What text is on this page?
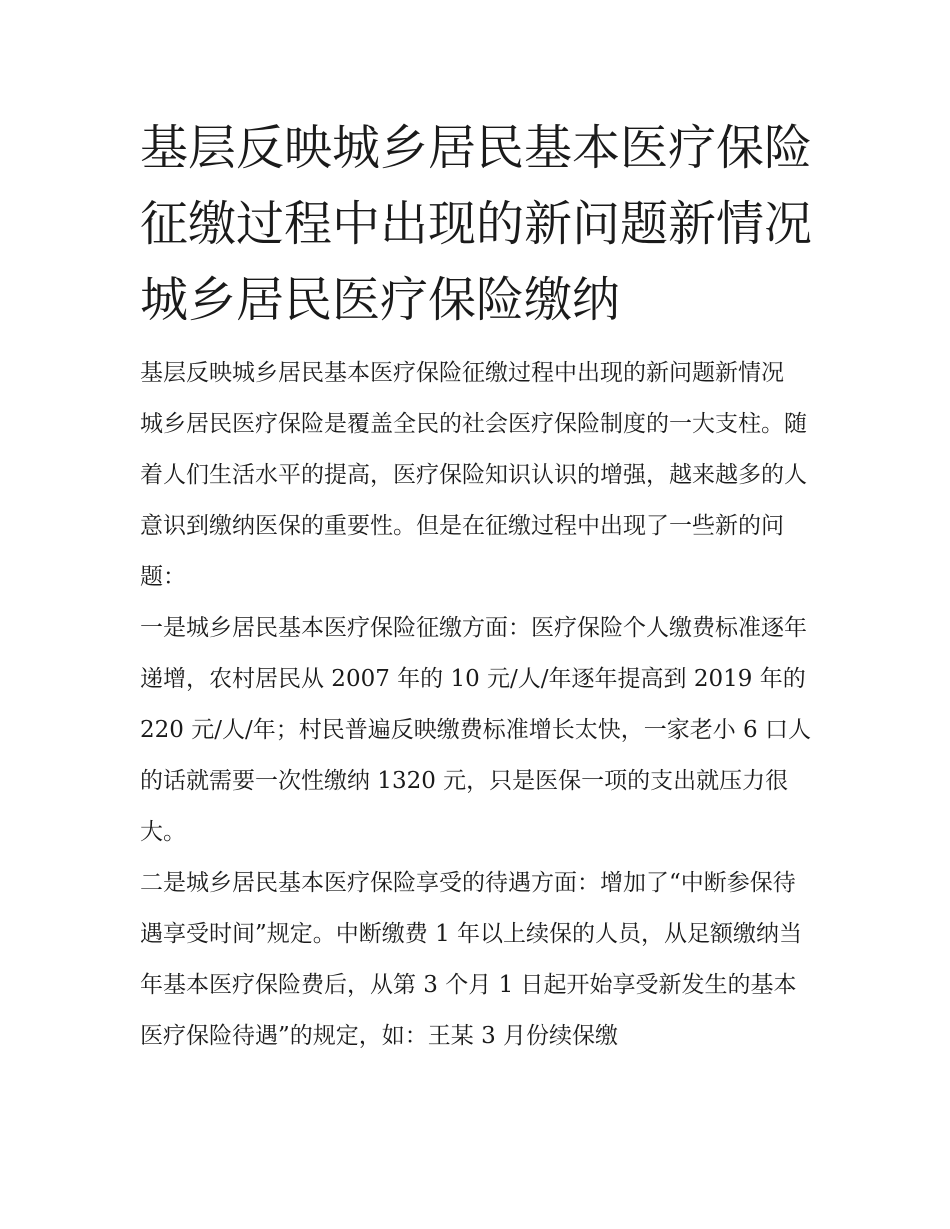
基层反映城乡居民基本医疗保险征缴过程中出现的新问题新情况 城乡居民医疗保险缴纳

基层反映城乡居民基本医疗保险征缴过程中出现的新问题新情况

城乡居民医疗保险是覆盖全民的社会医疗保险制度的一大支柱。随着人们生活水平的提高，医疗保险知识认识的增强，越来越多的人意识到缴纳医保的重要性。但是在征缴过程中出现了一些新的问题：

一是城乡居民基本医疗保险征缴方面：医疗保险个人缴费标准逐年递增，农村居民从 2007 年的 10 元/人/年逐年提高到 2019 年的 220 元/人/年；村民普遍反映缴费标准增长太快，一家老小 6 口人的话就需要一次性缴纳 1320 元，只是医保一项的支出就压力很大。

二是城乡居民基本医疗保险享受的待遇方面：增加了“中断参保待遇享受时间”规定。中断缴费 1 年以上续保的人员，从足额缴纳当年基本医疗保险费后，从第 3 个月 1 日起开始享受新发生的基本医疗保险待遇”的规定，如：王某 3 月份续保缴
